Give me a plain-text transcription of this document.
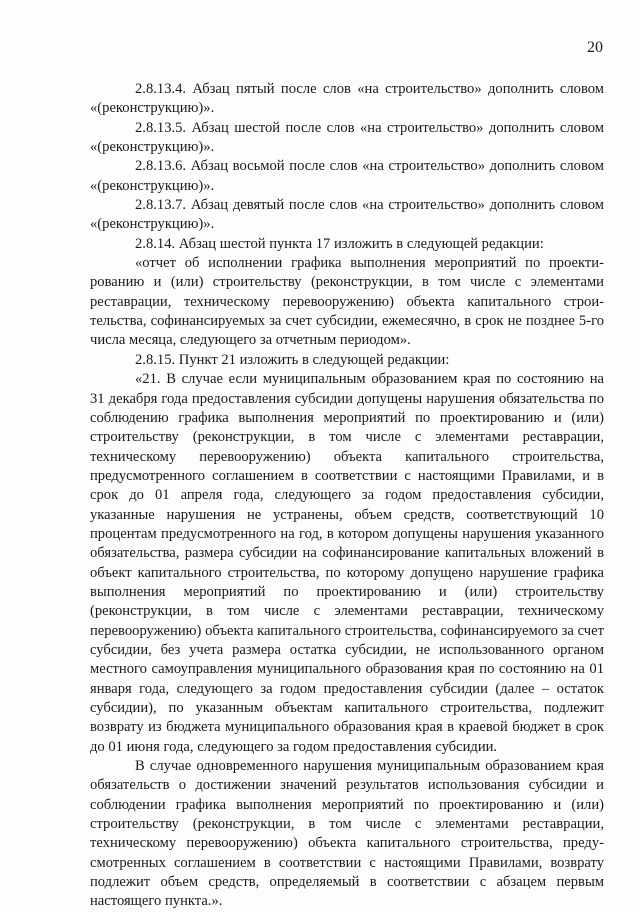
20

2.8.13.4. Абзац пятый после слов «на строительство» дополнить словом «(реконструкцию)».

2.8.13.5. Абзац шестой после слов «на строительство» дополнить словом «(реконструкцию)».

2.8.13.6. Абзац восьмой после слов «на строительство» дополнить словом «(реконструкцию)».

2.8.13.7. Абзац девятый после слов «на строительство» дополнить словом «(реконструкцию)».

2.8.14. Абзац шестой пункта 17 изложить в следующей редакции:

«отчет об исполнении графика выполнения мероприятий по проектированию и (или) строительству (реконструкции, в том числе с элементами реставрации, техническому перевооружению) объекта капитального строительства, софинансируемых за счет субсидии, ежемесячно, в срок не позднее 5-го числа месяца, следующего за отчетным периодом».

2.8.15. Пункт 21 изложить в следующей редакции:

«21. В случае если муниципальным образованием края по состоянию на 31 декабря года предоставления субсидии допущены нарушения обязательства по соблюдению графика выполнения мероприятий по проектированию и (или) строительству (реконструкции, в том числе с элементами реставрации, техническому перевооружению) объекта капитального строительства, предусмотренного соглашением в соответствии с настоящими Правилами, и в срок до 01 апреля года, следующего за годом предоставления субсидии, указанные нарушения не устранены, объем средств, соответствующий 10 процентам предусмотренного на год, в котором допущены нарушения указанного обязательства, размера субсидии на софинансирование капитальных вложений в объект капитального строительства, по которому допущено нарушение графика выполнения мероприятий по проектированию и (или) строительству (реконструкции, в том числе с элементами реставрации, техническому перевооружению) объекта капитального строительства, софинансируемого за счет субсидии, без учета размера остатка субсидии, не использованного органом местного самоуправления муниципального образования края по состоянию на 01 января года, следующего за годом предоставления субсидии (далее – остаток субсидии), по указанным объектам капитального строительства, подлежит возврату из бюджета муниципального образования края в краевой бюджет в срок до 01 июня года, следующего за годом предоставления субсидии.

В случае одновременного нарушения муниципальным образованием края обязательств о достижении значений результатов использования субсидии и соблюдении графика выполнения мероприятий по проектированию и (или) строительству (реконструкции, в том числе с элементами реставрации, техническому перевооружению) объекта капитального строительства, предусмотренных соглашением в соответствии с настоящими Правилами, возврату подлежит объем средств, определяемый в соответствии с абзацем первым настоящего пункта.».
